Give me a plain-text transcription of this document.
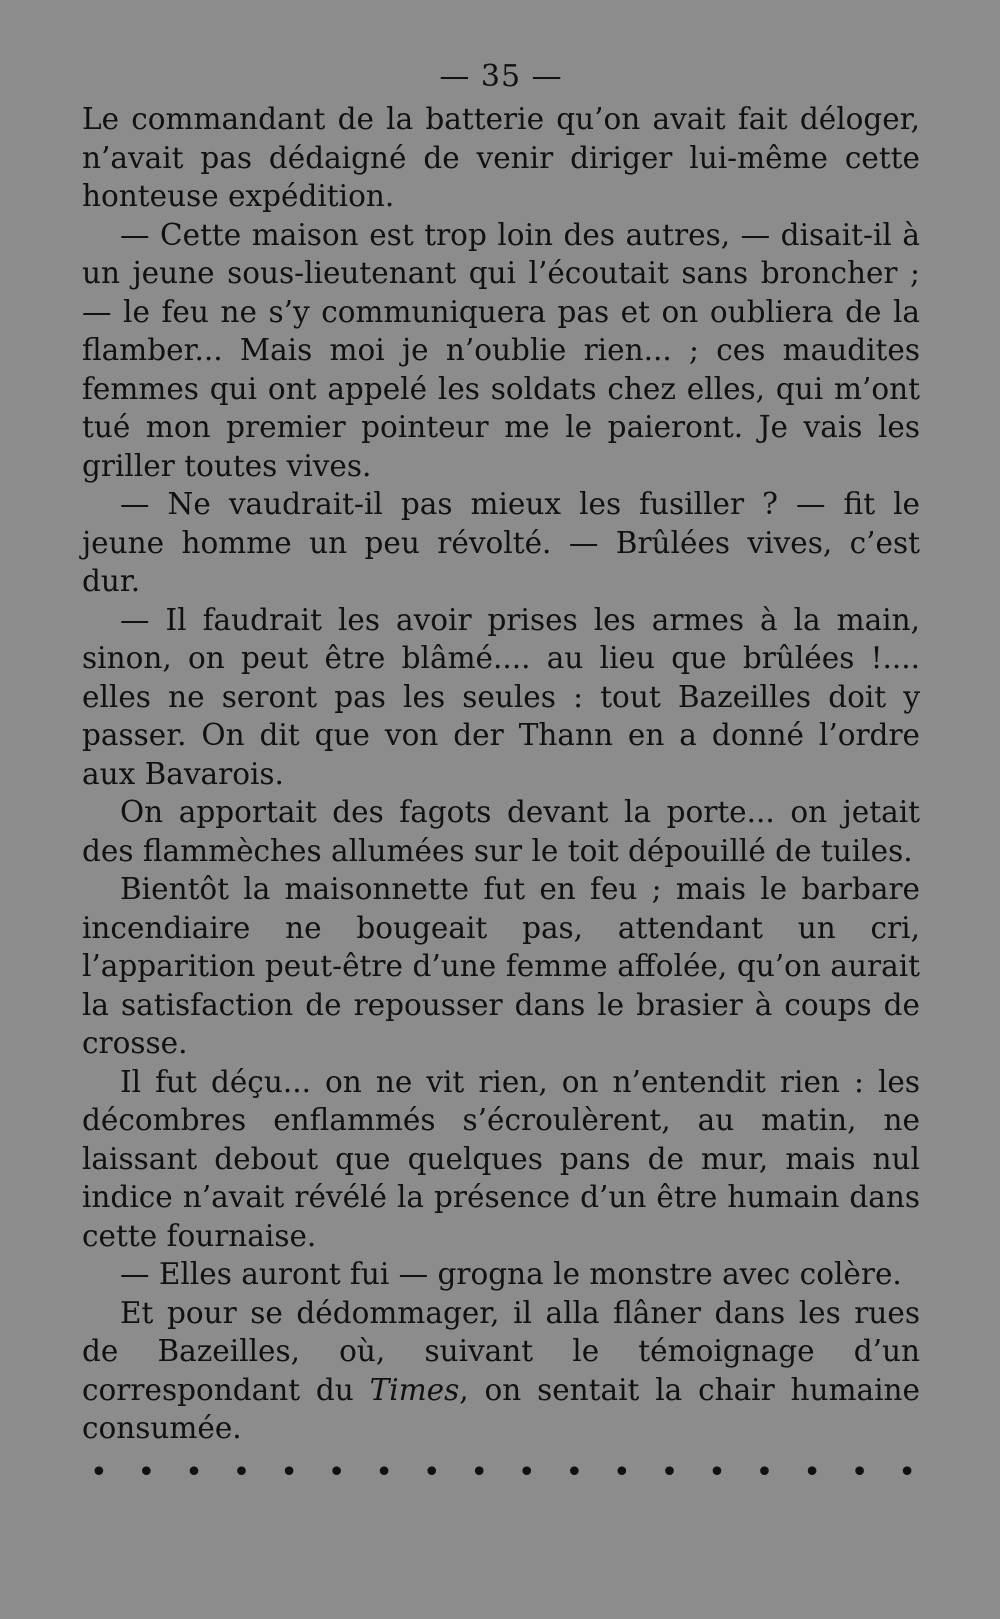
— 35 —

Le commandant de la batterie qu’on avait fait déloger, n’avait pas dédaigné de venir diriger lui-même cette honteuse expédition.

— Cette maison est trop loin des autres, — disait-il à un jeune sous-lieutenant qui l’écoutait sans broncher ; — le feu ne s’y communiquera pas et on oubliera de la flamber... Mais moi je n’oublie rien... ; ces maudites femmes qui ont appelé les soldats chez elles, qui m’ont tué mon premier pointeur me le paieront. Je vais les griller toutes vives.

— Ne vaudrait-il pas mieux les fusiller ? — fit le jeune homme un peu révolté. — Brûlées vives, c’est dur.

— Il faudrait les avoir prises les armes à la main, sinon, on peut être blâmé.... au lieu que brûlées !.... elles ne seront pas les seules : tout Bazeilles doit y passer. On dit que von der Thann en a donné l’ordre aux Bavarois.

On apportait des fagots devant la porte... on jetait des flammèches allumées sur le toit dépouillé de tuiles.

Bientôt la maisonnette fut en feu ; mais le barbare incendiaire ne bougeait pas, attendant un cri, l’apparition peut-être d’une femme affolée, qu’on aurait la satisfaction de repousser dans le brasier à coups de crosse.

Il fut déçu... on ne vit rien, on n’entendit rien : les décombres enflammés s’écroulèrent, au matin, ne laissant debout que quelques pans de mur, mais nul indice n’avait révélé la présence d’un être humain dans cette fournaise.

— Elles auront fui — grogna le monstre avec colère.

Et pour se dédommager, il alla flâner dans les rues de Bazeilles, où, suivant le témoignage d’un correspondant du Times, on sentait la chair humaine consumée.

• • • • • • • • • • • • • • • • • •
